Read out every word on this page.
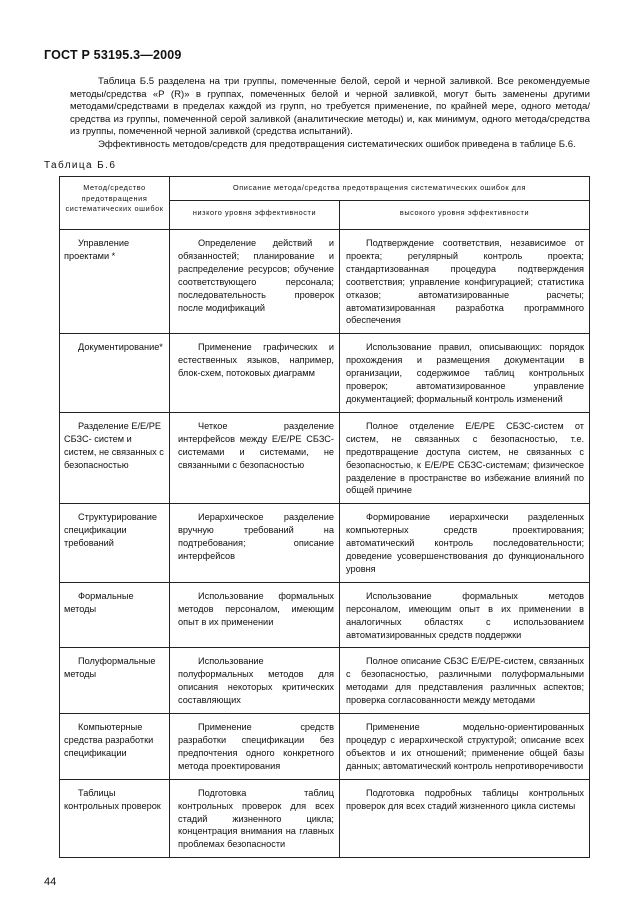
ГОСТ Р 53195.3—2009

Таблица Б.5 разделена на три группы, помеченные белой, серой и черной заливкой. Все рекомендуемые методы/средства «Р (R)» в группах, помеченных белой и черной заливкой, могут быть заменены другими методами/средствами в пределах каждой из групп, но требуется применение, по крайней мере, одного метода/средства из группы, помеченной серой заливкой (аналитические методы) и, как минимум, одного метода/средства из группы, помеченной черной заливкой (средства испытаний).

Эффективность методов/средств для предотвращения систематических ошибок приведена в таблице Б.6.

Таблица Б.6
Метод/средство предотвращения систематических ошибок	Описание метода/средства предотвращения систематических ошибок для	

	низкого уровня эффективности	высокого уровня эффективности

Управление проектами *	Определение действий и обязанностей; планирование и распределение ресурсов; обучение соответствующего персонала; последовательность проверок после модификаций	Подтверждение соответствия, независимое от проекта; регулярный контроль проекта; стандартизованная процедура подтверждения соответствия; управление конфигурацией; статистика отказов; автоматизированные расчеты; автоматизированная разработка программного обеспечения

Документирование*	Применение графических и естественных языков, например, блок-схем, потоковых диаграмм	Использование правил, описывающих: порядок прохождения и размещения документации в организации, содержимое таблиц контрольных проверок; автоматизированное управление документацией; формальный контроль изменений

Разделение Е/Е/РЕ СБЗС- систем и систем, не связанных с безопасностью	Четкое разделение интерфейсов между Е/Е/РЕ СБЗС-системами и системами, не связанными с безопасностью	Полное отделение Е/Е/РЕ СБЗС-систем от систем, не связанных с безопасностью, т.е. предотвращение доступа систем, не связанных с безопасностью, к Е/Е/РЕ СБЗС-системам; физическое разделение в пространстве во избежание влияний по общей причине

Структурирование спецификации требований	Иерархическое разделение вручную требований на подтребования; описание интерфейсов	Формирование иерархически разделенных компьютерных средств проектирования; автоматический контроль последовательности; доведение усовершенствования до функционального уровня

Формальные методы	Использование формальных методов персоналом, имеющим опыт в их применении	Использование формальных методов персоналом, имеющим опыт в их применении в аналогичных областях с использованием автоматизированных средств поддержки

Полуформальные методы	Использование полуформальных методов для описания некоторых критических составляющих	Полное описание СБЗС Е/Е/РЕ-систем, связанных с безопасностью, различными полуформальными методами для представления различных аспектов; проверка согласованности между методами

Компьютерные средства разработки спецификации	Применение средств разработки спецификации без предпочтения одного конкретного метода проектирования	Применение модельно-ориентированных процедур с иерархической структурой; описание всех объектов и их отношений; применение общей базы данных; автоматический контроль непротиворечивости

Таблицы контрольных проверок	Подготовка таблиц контрольных проверок для всех стадий жизненного цикла; концентрация внимания на главных проблемах безопасности	Подготовка подробных таблицы контрольных проверок для всех стадий жизненного цикла системы
44
